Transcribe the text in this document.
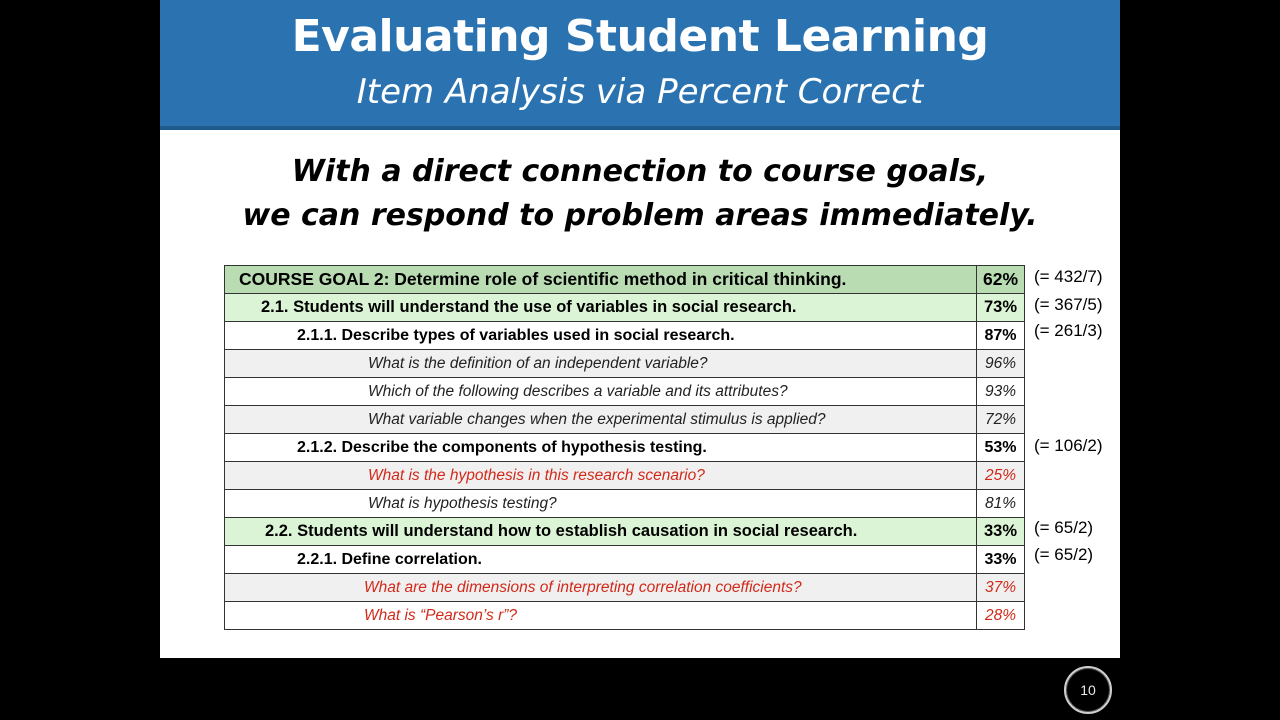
Evaluating Student Learning
Item Analysis via Percent Correct
With a direct connection to course goals,
we can respond to problem areas immediately.
COURSE GOAL 2: Determine role of scientific method in critical thinking.	62%
2.1. Students will understand the use of variables in social research.	73%
2.1.1. Describe types of variables used in social research.	87%
What is the definition of an independent variable?	96%
Which of the following describes a variable and its attributes?	93%
What variable changes when the experimental stimulus is applied?	72%
2.1.2. Describe the components of hypothesis testing.	53%
What is the hypothesis in this research scenario?	25%
What is hypothesis testing?	81%
2.2. Students will understand how to establish causation in social research.	33%
2.2.1. Define correlation.	33%
What are the dimensions of interpreting correlation coefficients?	37%
What is “Pearson’s r”?	28%
(= 432/7)
(= 367/5)
(= 261/3)
(= 106/2)
(= 65/2)
(= 65/2)
10
